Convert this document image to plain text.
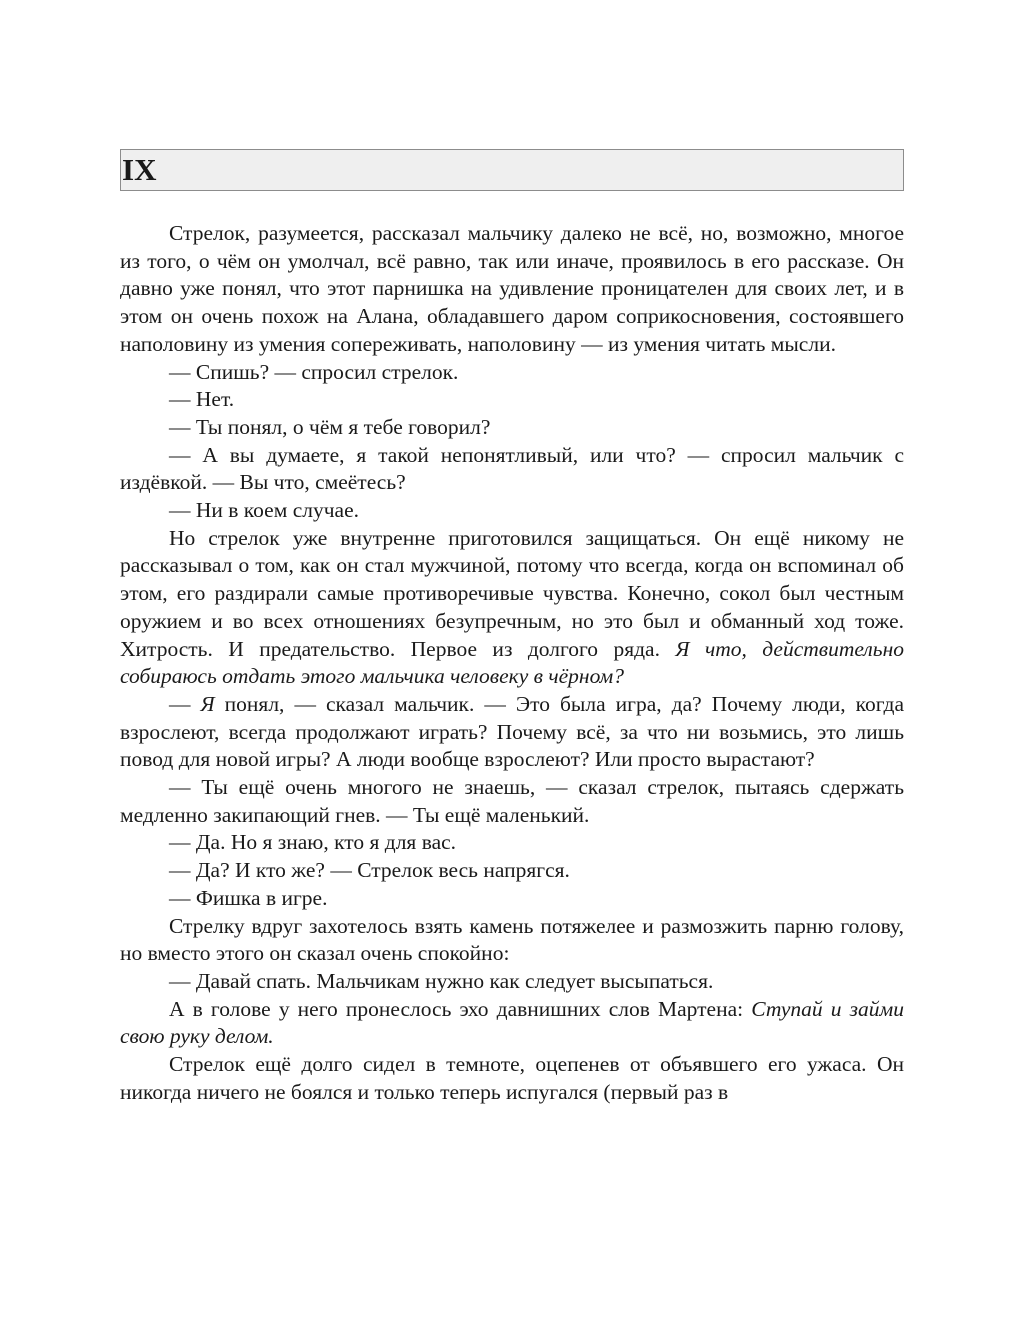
IX

Стрелок, разумеется, рассказал мальчику далеко не всё, но, возможно, многое из того, о чём он умолчал, всё равно, так или иначе, проявилось в его рассказе. Он давно уже понял, что этот парнишка на удивление проницателен для своих лет, и в этом он очень похож на Алана, обладавшего даром соприкосновения, состоявшего наполовину из умения сопереживать, наполовину — из умения читать мысли.

— Спишь? — спросил стрелок.

— Нет.

— Ты понял, о чём я тебе говорил?

— А вы думаете, я такой непонятливый, или что? — спросил мальчик с издёвкой. — Вы что, смеётесь?

— Ни в коем случае.

Но стрелок уже внутренне приготовился защищаться. Он ещё никому не рассказывал о том, как он стал мужчиной, потому что всегда, когда он вспоминал об этом, его раздирали самые противоречивые чувства. Конечно, сокол был честным оружием и во всех отношениях безупречным, но это был и обманный ход тоже. Хитрость. И предательство. Первое из долгого ряда. Я что, действительно собираюсь отдать этого мальчика человеку в чёрном?

— Я понял, — сказал мальчик. — Это была игра, да? Почему люди, когда взрослеют, всегда продолжают играть? Почему всё, за что ни возьмись, это лишь повод для новой игры? А люди вообще взрослеют? Или просто вырастают?

— Ты ещё очень многого не знаешь, — сказал стрелок, пытаясь сдержать медленно закипающий гнев. — Ты ещё маленький.

— Да. Но я знаю, кто я для вас.

— Да? И кто же? — Стрелок весь напрягся.

— Фишка в игре.

Стрелку вдруг захотелось взять камень потяжелее и размозжить парню голову, но вместо этого он сказал очень спокойно:

— Давай спать. Мальчикам нужно как следует высыпаться.

А в голове у него пронеслось эхо давнишних слов Мартена: Ступай и займи свою руку делом.

Стрелок ещё долго сидел в темноте, оцепенев от объявшего его ужаса. Он никогда ничего не боялся и только теперь испугался (первый раз в
